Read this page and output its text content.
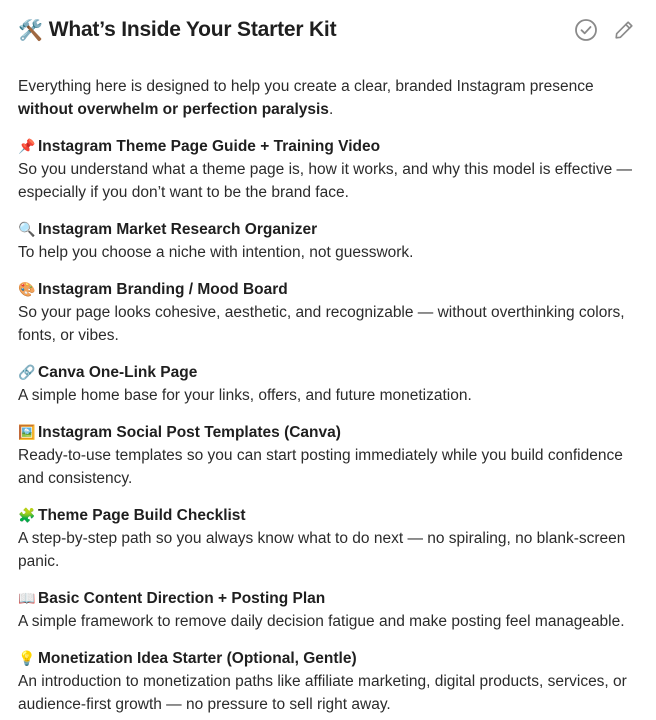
🛠️ What’s Inside Your Starter Kit
Everything here is designed to help you create a clear, branded Instagram presence without overwhelm or perfection paralysis.
📌 Instagram Theme Page Guide + Training Video
So you understand what a theme page is, how it works, and why this model is effective — especially if you don’t want to be the brand face.
🔍 Instagram Market Research Organizer
To help you choose a niche with intention, not guesswork.
🎨 Instagram Branding / Mood Board
So your page looks cohesive, aesthetic, and recognizable — without overthinking colors, fonts, or vibes.
🔗 Canva One-Link Page
A simple home base for your links, offers, and future monetization.
🖼️ Instagram Social Post Templates (Canva)
Ready-to-use templates so you can start posting immediately while you build confidence and consistency.
🧩 Theme Page Build Checklist
A step-by-step path so you always know what to do next — no spiraling, no blank-screen panic.
📖 Basic Content Direction + Posting Plan
A simple framework to remove daily decision fatigue and make posting feel manageable.
💡 Monetization Idea Starter (Optional, Gentle)
An introduction to monetization paths like affiliate marketing, digital products, services, or audience-first growth — no pressure to sell right away.
